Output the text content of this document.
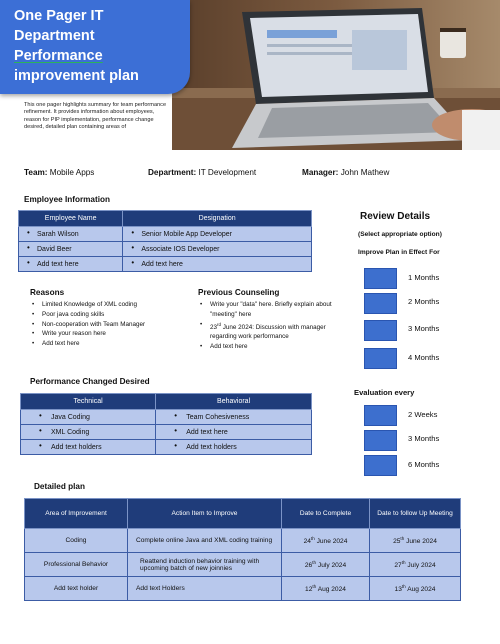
One Pager IT
Department
Performance
improvement plan
This one pager highlights summary for team performance refinement. It provides information about employees, reason for PIP implementation, performance change desired, detailed plan containing areas of
Team: Mobile Apps	Department: IT Development	Manager: John Mathew
Employee Information
Employee Name	Designation
• Sarah Wilson	• Senior Mobile App Developer
• David Beer	• Associate IOS Developer
• Add text here	• Add text here
Reasons
• Limited Knowledge of XML coding
• Poor java coding skills
• Non-cooperation with Team Manager
• Write your reason here
• Add text here
Previous Counseling
• Write your "data" here. Briefly explain about "meeting" here
• 23rd June 2024: Discussion with manager regarding work performance
• Add text here
Performance Changed Desired
Technical	Behavioral
• Java Coding	• Team Cohesiveness
• XML Coding	• Add text here
• Add text holders	• Add text holders
Review Details
(Select appropriate option)
Improve Plan in Effect For
1 Months
2 Months
3 Months
4 Months
Evaluation every
2 Weeks
3 Months
6 Months
Detailed plan
Area of Improvement	Action Item to Improve	Date to Complete	Date to follow Up Meeting
Coding	Complete online Java and XML coding training	24th June 2024	25th June 2024
Professional Behavior	Reattend induction behavior training with upcoming batch of new joinnies	26th July 2024	27th July 2024
Add text holder	Add text Holders	12th Aug 2024	13th Aug 2024
